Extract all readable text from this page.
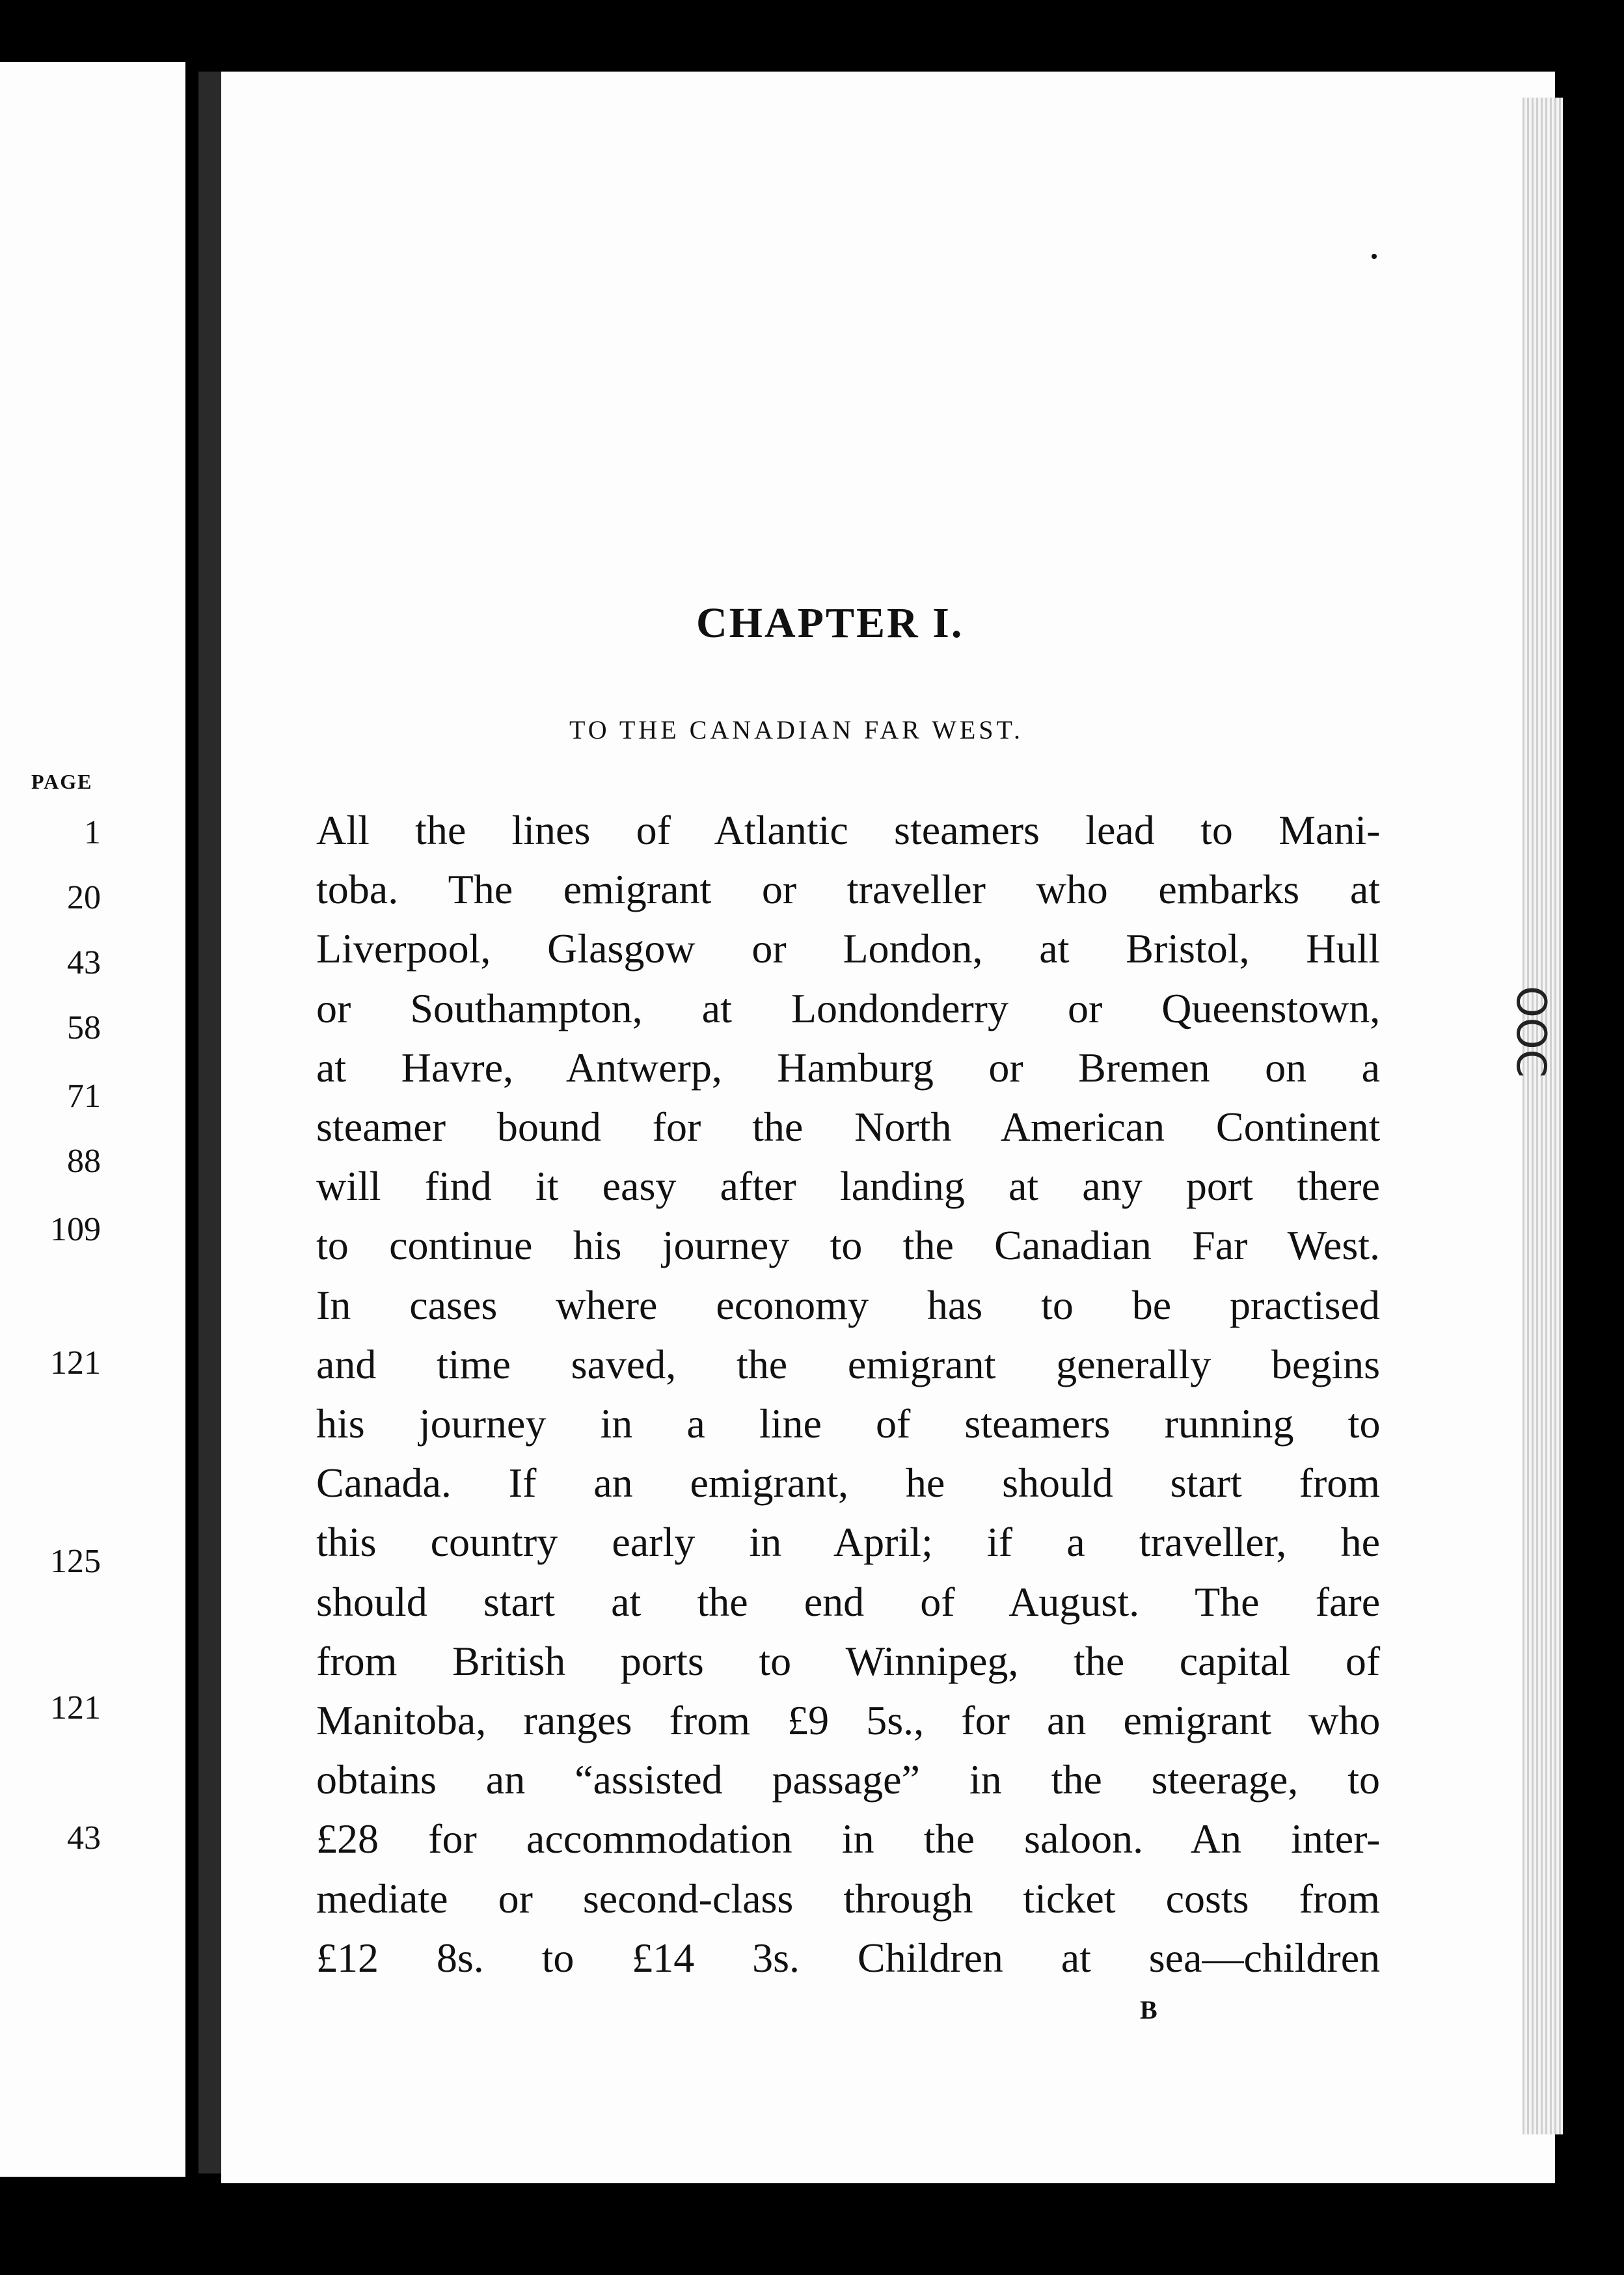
PAGE
1
20
43
58
71
88
109
121
125
121
43
CHAPTER I.
TO THE CANADIAN FAR WEST.
All the lines of Atlantic steamers lead to Mani-
toba. The emigrant or traveller who embarks at
Liverpool, Glasgow or London, at Bristol, Hull
or Southampton, at Londonderry or Queenstown,
at Havre, Antwerp, Hamburg or Bremen on a
steamer bound for the North American Continent
will find it easy after landing at any port there
to continue his journey to the Canadian Far West.
In cases where economy has to be practised
and time saved, the emigrant generally begins
his journey in a line of steamers running to
Canada. If an emigrant, he should start from
this country early in April; if a traveller, he
should start at the end of August. The fare
from British ports to Winnipeg, the capital of
Manitoba, ranges from £9 5s., for an emigrant who
obtains an “assisted passage” in the steerage, to
£28 for accommodation in the saloon. An inter-
mediate or second-class through ticket costs from
£12 8s. to £14 3s. Children at sea—children
B
